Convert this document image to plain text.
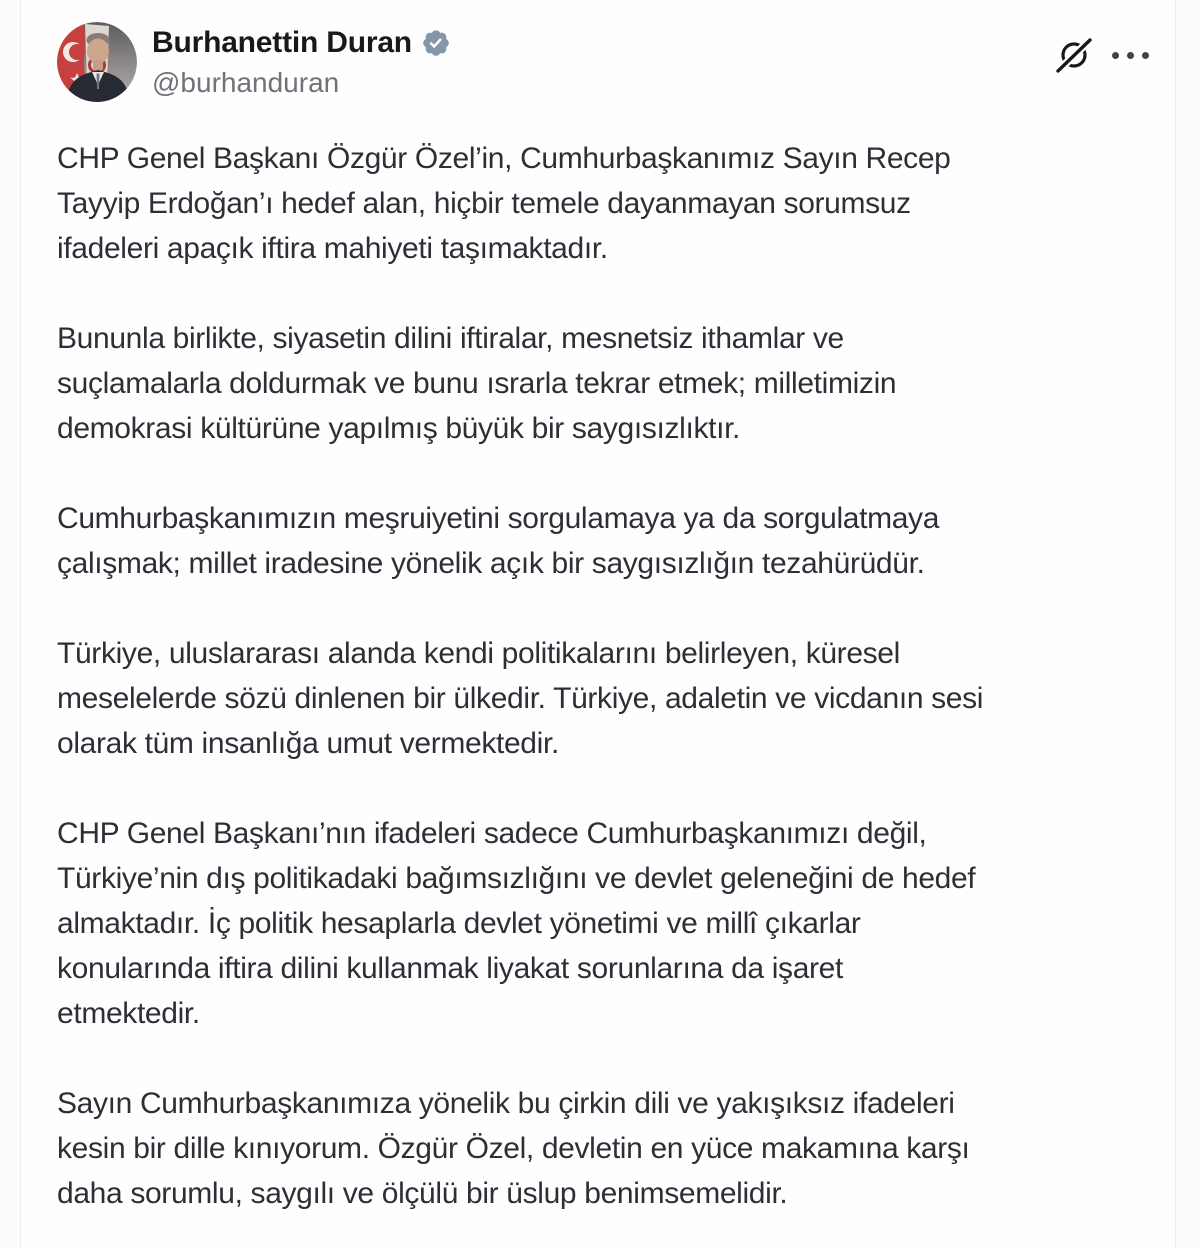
Burhanettin Duran
@burhanduran
CHP Genel Başkanı Özgür Özel’in, Cumhurbaşkanımız Sayın Recep
Tayyip Erdoğan’ı hedef alan, hiçbir temele dayanmayan sorumsuz
ifadeleri apaçık iftira mahiyeti taşımaktadır.
Bununla birlikte, siyasetin dilini iftiralar, mesnetsiz ithamlar ve
suçlamalarla doldurmak ve bunu ısrarla tekrar etmek; milletimizin
demokrasi kültürüne yapılmış büyük bir saygısızlıktır.
Cumhurbaşkanımızın meşruiyetini sorgulamaya ya da sorgulatmaya
çalışmak; millet iradesine yönelik açık bir saygısızlığın tezahürüdür.
Türkiye, uluslararası alanda kendi politikalarını belirleyen, küresel
meselelerde sözü dinlenen bir ülkedir. Türkiye, adaletin ve vicdanın sesi
olarak tüm insanlığa umut vermektedir.
CHP Genel Başkanı’nın ifadeleri sadece Cumhurbaşkanımızı değil,
Türkiye’nin dış politikadaki bağımsızlığını ve devlet geleneğini de hedef
almaktadır. İç politik hesaplarla devlet yönetimi ve millî çıkarlar
konularında iftira dilini kullanmak liyakat sorunlarına da işaret
etmektedir.
Sayın Cumhurbaşkanımıza yönelik bu çirkin dili ve yakışıksız ifadeleri
kesin bir dille kınıyorum. Özgür Özel, devletin en yüce makamına karşı
daha sorumlu, saygılı ve ölçülü bir üslup benimsemelidir.
